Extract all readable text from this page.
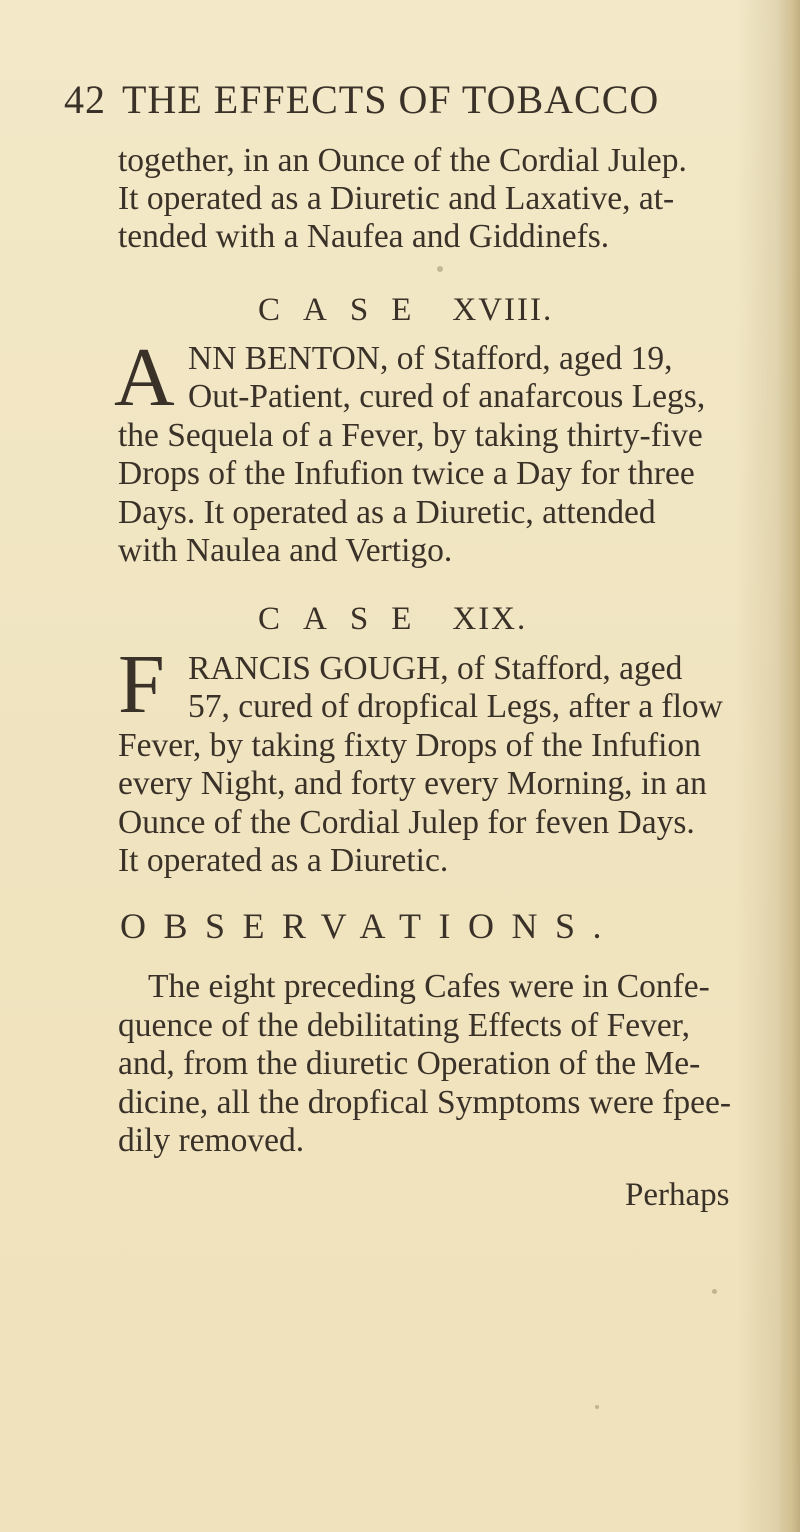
42 THE EFFECTS OF TOBACCO
together, in an Ounce of the Cordial Julep.
It operated as a Diuretic and Laxative, at-
tended with a Naufea and Giddinefs.
CASE XVIII.
A NN BENTON, of Stafford, aged 19,
Out-Patient, cured of anafarcous Legs,
the Sequela of a Fever, by taking thirty-five
Drops of the Infufion twice a Day for three
Days. It operated as a Diuretic, attended
with Naulea and Vertigo.
CASE XIX.
F RANCIS GOUGH, of Stafford, aged
57, cured of dropfical Legs, after a flow
Fever, by taking fixty Drops of the Infufion
every Night, and forty every Morning, in an
Ounce of the Cordial Julep for feven Days.
It operated as a Diuretic.
OBSERVATIONS.
The eight preceding Cafes were in Confe-
quence of the debilitating Effects of Fever,
and, from the diuretic Operation of the Me-
dicine, all the dropfical Symptoms were fpee-
dily removed.
Perhaps
